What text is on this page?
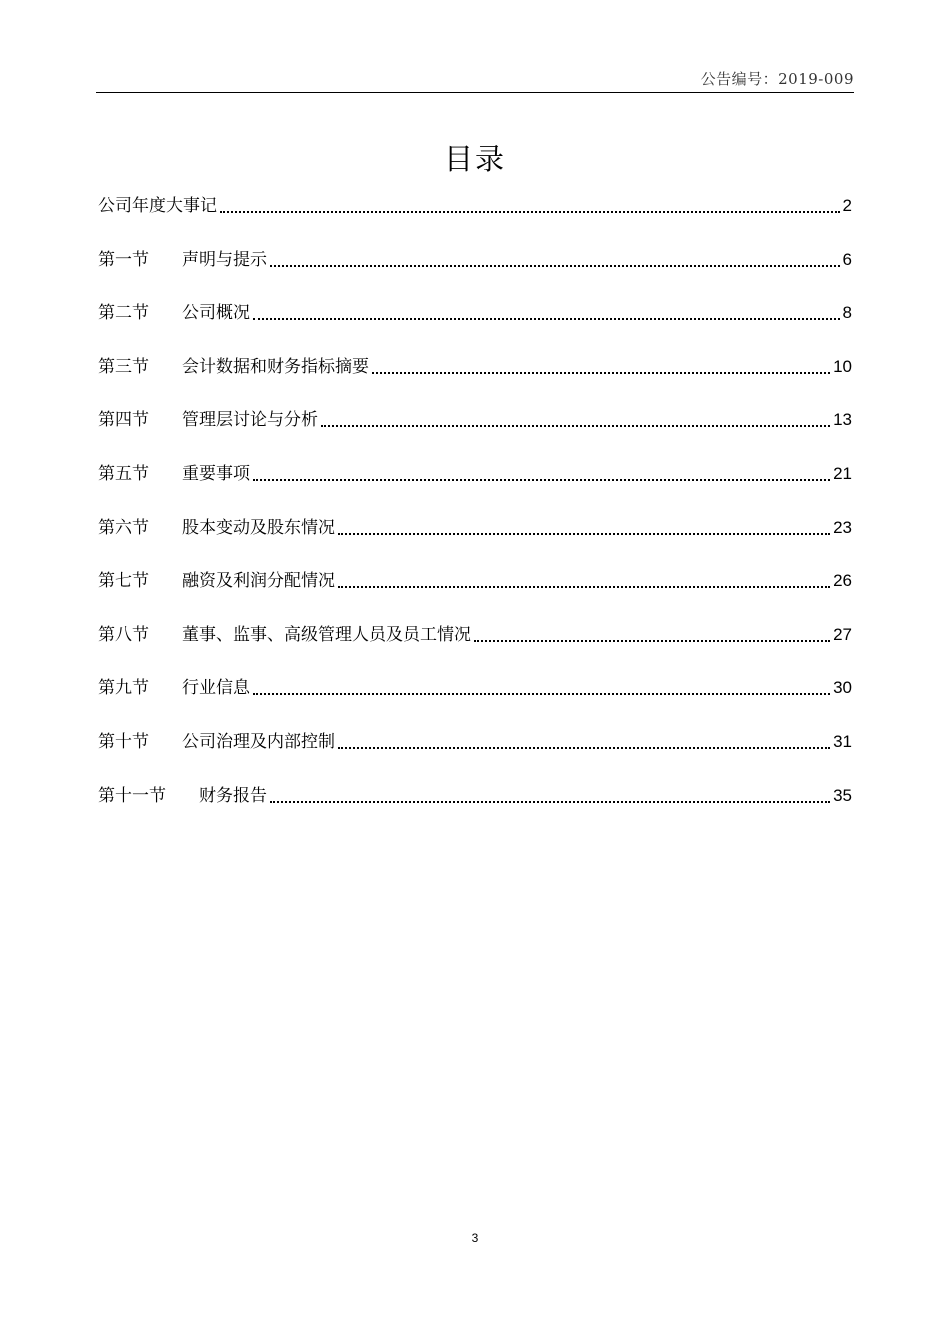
公告编号：2019-009
目录
公司年度大事记	2
第一节	声明与提示	6
第二节	公司概况	8
第三节	会计数据和财务指标摘要	10
第四节	管理层讨论与分析	13
第五节	重要事项	21
第六节	股本变动及股东情况	23
第七节	融资及利润分配情况	26
第八节	董事、监事、高级管理人员及员工情况	27
第九节	行业信息	30
第十节	公司治理及内部控制	31
第十一节	财务报告	35
3
